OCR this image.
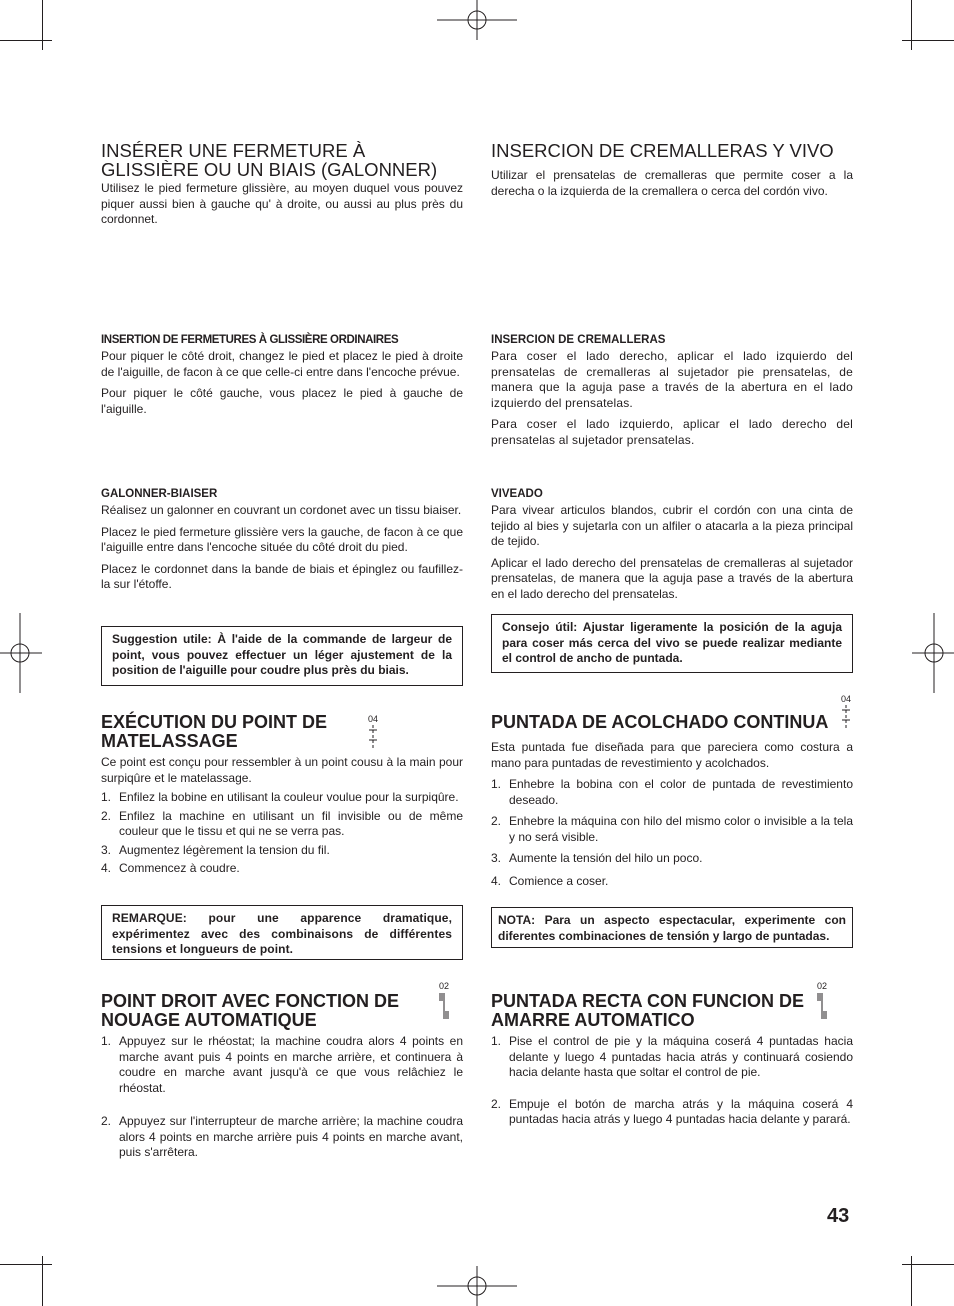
INSÉRER UNE FERMETURE À GLISSIÈRE OU UN BIAIS (GALONNER)

Utilisez le pied fermeture glissière, au moyen duquel vous pouvez piquer aussi bien à gauche qu' à droite, ou aussi au plus près du cordonnet.

INSERTION DE FERMETURES À GLISSIÈRE ORDINAIRES

Pour piquer le côté droit, changez le pied et placez le pied à droite de l'aiguille, de facon à ce que celle-ci entre dans l'encoche prévue.

Pour piquer le côté gauche, vous placez le pied à gauche de l'aiguille.

GALONNER-BIAISER

Réalisez un galonner en couvrant un cordonet avec un tissu biaiser.

Placez le pied fermeture glissière vers la gauche, de facon à ce que l'aiguille entre dans l'encoche située du côté droit du pied.

Placez le cordonnet dans la bande de biais et épinglez ou faufillez-la sur l'étoffe.

Suggestion utile: À l'aide de la commande de largeur de point, vous pouvez effectuer un léger ajustement de la position de l'aiguille pour coudre plus près du biais.
EXÉCUTION DU POINT DE MATELASSAGE

Ce point est conçu pour ressembler à un point cousu à la main pour surpiqûre et le matelassage.

1. Enfilez la bobine en utilisant la couleur voulue pour la surpiqûre.
2. Enfilez la machine en utilisant un fil invisible ou de même couleur que le tissu et qui ne se verra pas.
3. Augmentez légèrement la tension du fil.
4. Commencez à coudre.
04
REMARQUE: pour une apparence dramatique, expérimentez avec des combinaisons de différentes tensions et longueurs de point.
POINT DROIT AVEC FONCTION DE NOUAGE AUTOMATIQUE
1. Appuyez sur le rhéostat; la machine coudra alors 4 points en marche avant puis 4 points en marche arrière, et continuera à coudre en marche avant jusqu'à ce que vous relâchiez le rhéostat.
2. Appuyez sur l'interrupteur de marche arrière; la machine coudra alors 4 points en marche arrière puis 4 points en marche avant, puis s'arrêtera.
02
INSERCION DE CREMALLERAS Y VIVO

Utilizar el prensatelas de cremalleras que permite coser a la derecha o la izquierda de la cremallera o cerca del cordón vivo.

INSERCION DE CREMALLERAS

Para coser el lado derecho, aplicar el lado izquierdo del prensatelas de cremalleras al sujetador pie prensatelas, de manera que la aguja pase a través de la abertura en el lado izquierdo del prensatelas.

Para coser el lado izquierdo, aplicar el lado derecho del prensatelas al sujetador prensatelas.

VIVEADO

Para vivear articulos blandos, cubrir el cordón con una cinta de tejido al bies y sujetarla con un alfiler o atacarla a la pieza principal de tejido.

Aplicar el lado derecho del prensatelas de cremalleras al sujetador prensatelas, de manera que la aguja pase a través de la abertura en el lado derecho del prensatelas.

Consejo útil: Ajustar ligeramente la posición de la aguja para coser más cerca del vivo se puede realizar mediante el control de ancho de puntada.
PUNTADA DE ACOLCHADO CONTINUA

Esta puntada fue diseñada para que pareciera como costura a mano para puntadas de revestimiento y acolchados.

1. Enhebre la bobina con el color de puntada de revestimiento deseado.
2. Enhebre la máquina con hilo del mismo color o invisible a la tela y no será visible.
3. Aumente la tensión del hilo un poco.
4. Comience a coser.
04
NOTA: Para un aspecto espectacular, experimente con diferentes combinaciones de tensión y largo de puntadas.
PUNTADA RECTA CON FUNCION DE AMARRE AUTOMATICO
1. Pise el control de pie y la máquina coserá 4 puntadas hacia delante y luego 4 puntadas hacia atrás y continuará cosiendo hacia delante hasta que soltar el control de pie.
2. Empuje el botón de marcha atrás y la máquina coserá 4 puntadas hacia atrás y luego 4 puntadas hacia delante y parará.
02
43
